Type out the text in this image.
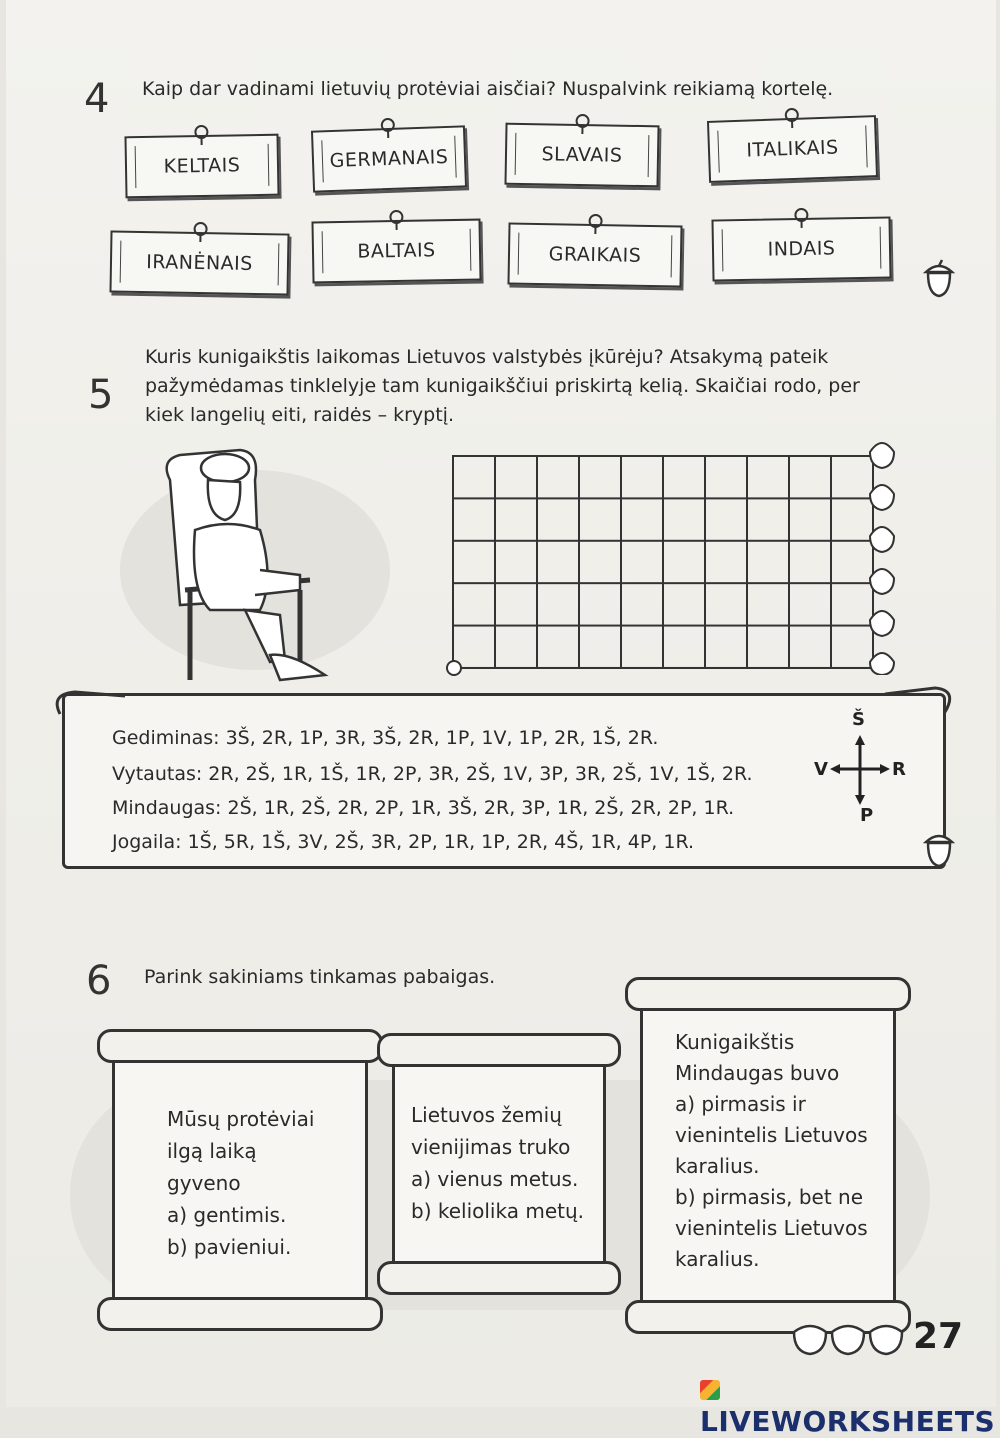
4 Kaip dar vadinami lietuvių protėviai aisčiai? Nuspalvink reikiamą kortelę.
KELTAIS	GERMANAIS	SLAVAIS	ITALIKAIS
IRANĖNAIS
BALTAIS	GRAIKAIS	INDAIS
5
Kuris kunigaikštis laikomas Lietuvos valstybės įkūrėju? Atsakymą pateik
pažymėdamas tinklelyje tam kunigaikščiui priskirtą kelią. Skaičiai rodo, per
kiek langelių eiti, raidės – kryptį.
Gediminas: 3Š, 2R, 1P, 3R, 3Š, 2R, 1P, 1V, 1P, 2R, 1Š, 2R.
Vytautas: 2R, 2Š, 1R, 1Š, 1R, 2P, 3R, 2Š, 1V, 3P, 3R, 2Š, 1V, 1Š, 2R.
Mindaugas: 2Š, 1R, 2Š, 2R, 2P, 1R, 3Š, 2R, 3P, 1R, 2Š, 2R, 2P, 1R.
Jogaila: 1Š, 5R, 1Š, 3V, 2Š, 3R, 2P, 1R, 1P, 2R, 4Š, 1R, 4P, 1R.
Š
V	R
P
6 Parink sakiniams tinkamas pabaigas.
Mūsų protėviai
ilgą laiką
gyveno
a) gentimis.
b) pavieniui.
Lietuvos žemių
vienijimas truko
a) vienus metus.
b) keliolika metų.
Kunigaikštis
Mindaugas buvo
a) pirmasis ir
vienintelis Lietuvos
karalius.
b) pirmasis, bet ne
vienintelis Lietuvos
karalius.
27
LIVEWORKSHEETS
